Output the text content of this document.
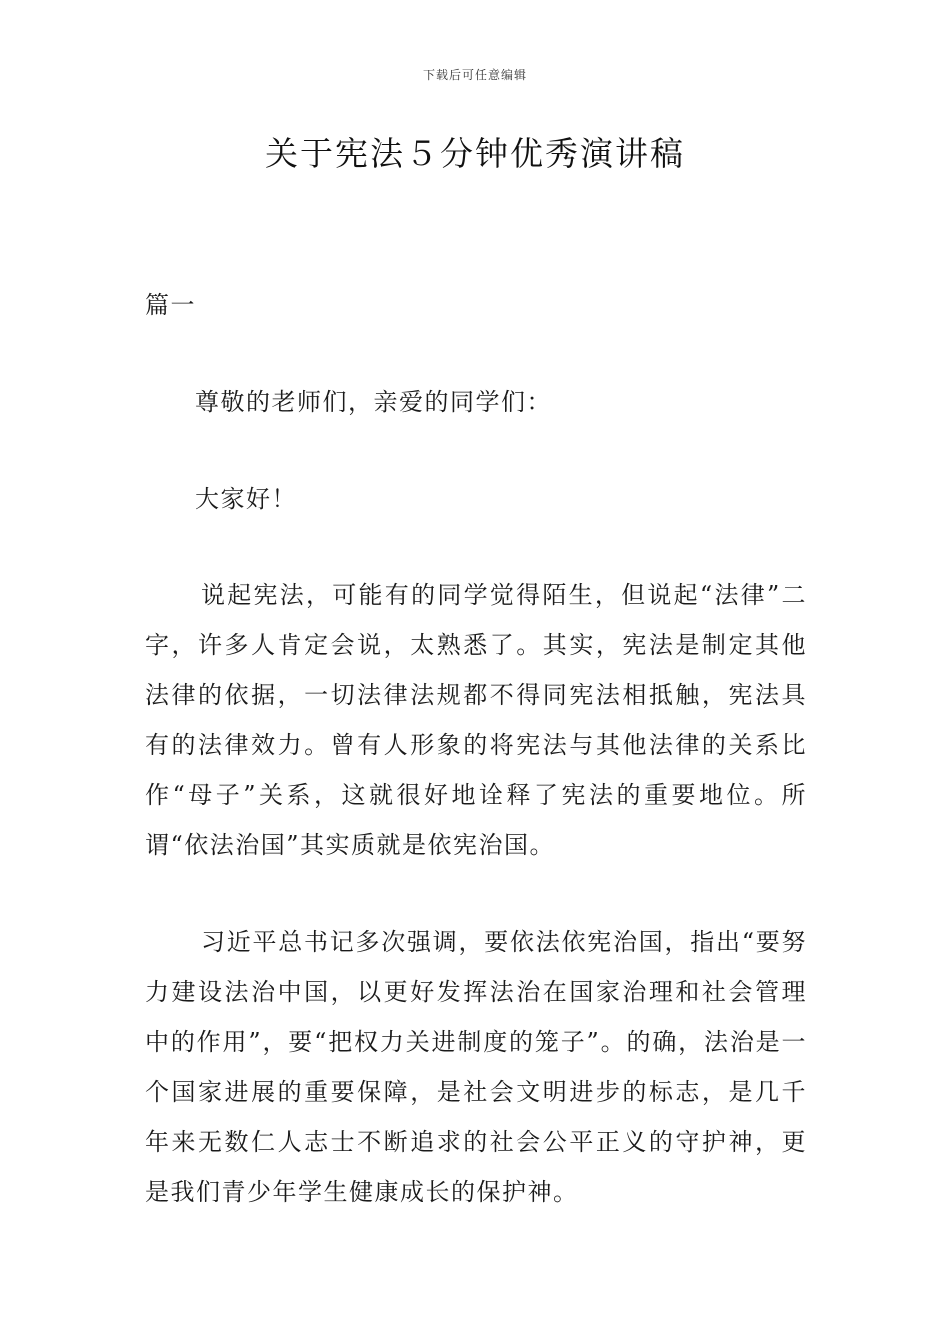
下载后可任意编辑
关于宪法５分钟优秀演讲稿

篇一

尊敬的老师们，亲爱的同学们：

大家好！

说起宪法，可能有的同学觉得陌生，但说起“法律”二字，许多人肯定会说，太熟悉了。其实，宪法是制定其他法律的依据，一切法律法规都不得同宪法相抵触，宪法具有的法律效力。曾有人形象的将宪法与其他法律的关系比作“母子”关系，这就很好地诠释了宪法的重要地位。所谓“依法治国”其实质就是依宪治国。

习近平总书记多次强调，要依法依宪治国，指出“要努力建设法治中国，以更好发挥法治在国家治理和社会管理中的作用”，要“把权力关进制度的笼子”。的确，法治是一个国家进展的重要保障，是社会文明进步的标志，是几千年来无数仁人志士不断追求的社会公平正义的守护神，更是我们青少年学生健康成长的保护神。
